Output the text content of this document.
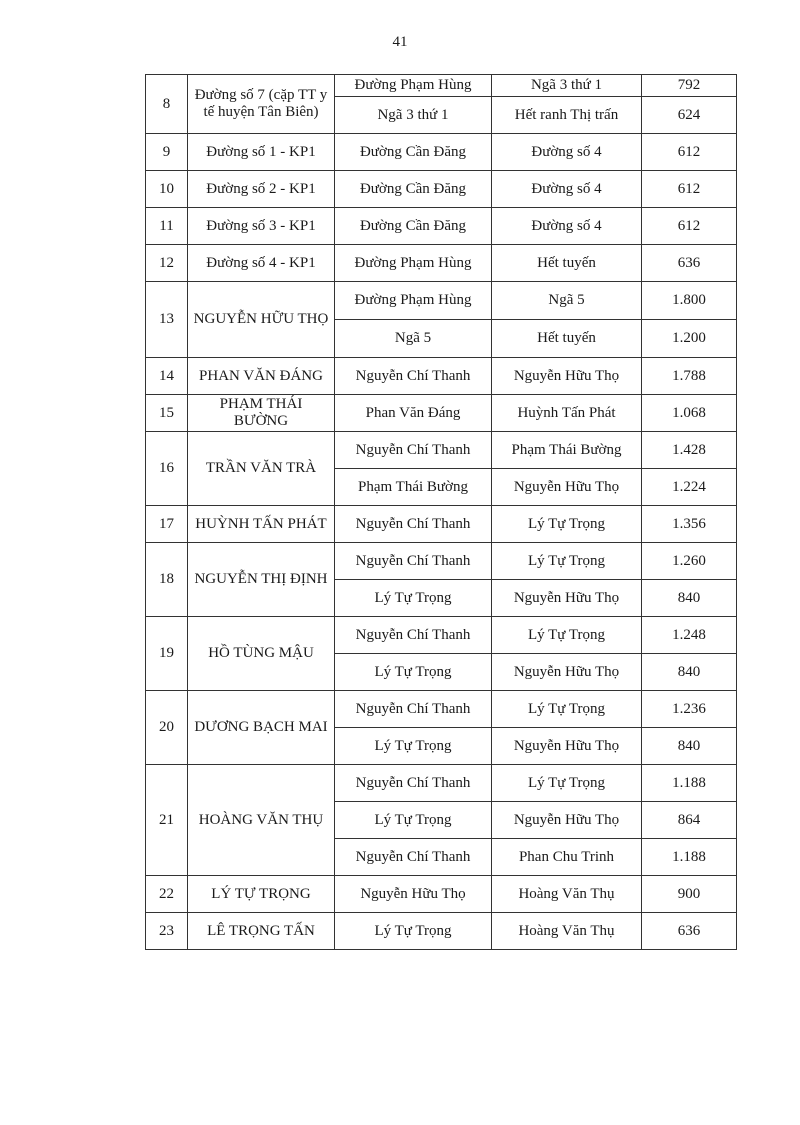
41
8	Đường số 7 (cặp TT y tế huyện Tân Biên)	Đường Phạm Hùng	Ngã 3 thứ 1	792
		Ngã 3 thứ 1	Hết ranh Thị trấn	624
9	Đường số 1 - KP1	Đường Cần Đăng	Đường số 4	612
10	Đường số 2 - KP1	Đường Cần Đăng	Đường số 4	612
11	Đường số 3 - KP1	Đường Cần Đăng	Đường số 4	612
12	Đường số 4 - KP1	Đường Phạm Hùng	Hết tuyến	636
13	NGUYỄN HỮU THỌ	Đường Phạm Hùng	Ngã 5	1.800
		Ngã 5	Hết tuyến	1.200
14	PHAN VĂN ĐÁNG	Nguyễn Chí Thanh	Nguyễn Hữu Thọ	1.788
15	PHẠM THÁI BƯỜNG	Phan Văn Đáng	Huỳnh Tấn Phát	1.068
16	TRẦN VĂN TRÀ	Nguyễn Chí Thanh	Phạm Thái Bường	1.428
		Phạm Thái Bường	Nguyễn Hữu Thọ	1.224
17	HUỲNH TẤN PHÁT	Nguyễn Chí Thanh	Lý Tự Trọng	1.356
18	NGUYỄN THỊ ĐỊNH	Nguyễn Chí Thanh	Lý Tự Trọng	1.260
		Lý Tự Trọng	Nguyễn Hữu Thọ	840
19	HỒ TÙNG MẬU	Nguyễn Chí Thanh	Lý Tự Trọng	1.248
		Lý Tự Trọng	Nguyễn Hữu Thọ	840
20	DƯƠNG BẠCH MAI	Nguyễn Chí Thanh	Lý Tự Trọng	1.236
		Lý Tự Trọng	Nguyễn Hữu Thọ	840
21	HOÀNG VĂN THỤ	Nguyễn Chí Thanh	Lý Tự Trọng	1.188
		Lý Tự Trọng	Nguyễn Hữu Thọ	864
		Nguyễn Chí Thanh	Phan Chu Trinh	1.188
22	LÝ TỰ TRỌNG	Nguyễn Hữu Thọ	Hoàng Văn Thụ	900
23	LÊ TRỌNG TẤN	Lý Tự Trọng	Hoàng Văn Thụ	636
